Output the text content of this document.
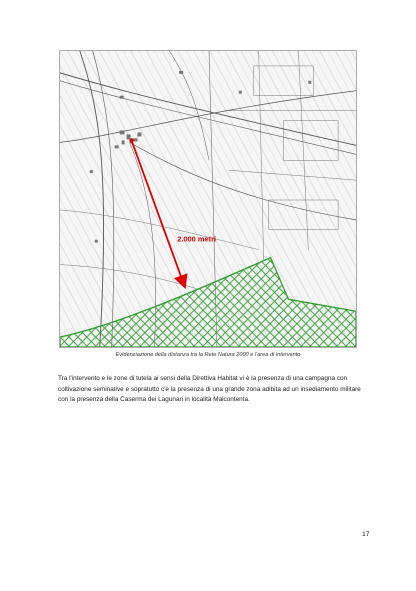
2.000 metri
Evidenziazione della distanza tra la Rete Natura 2000 e l'area di intervento
Tra l'intervento e le zone di tutela ai sensi della Direttiva Habitat vi è la presenza di una campagna con
coltivazione seminative e sopratutto c'è la presenza di una grande zona adibita ad un insediamento militare
con la presenza della Caserma dei Lagunari in località Malcontenta.
17
